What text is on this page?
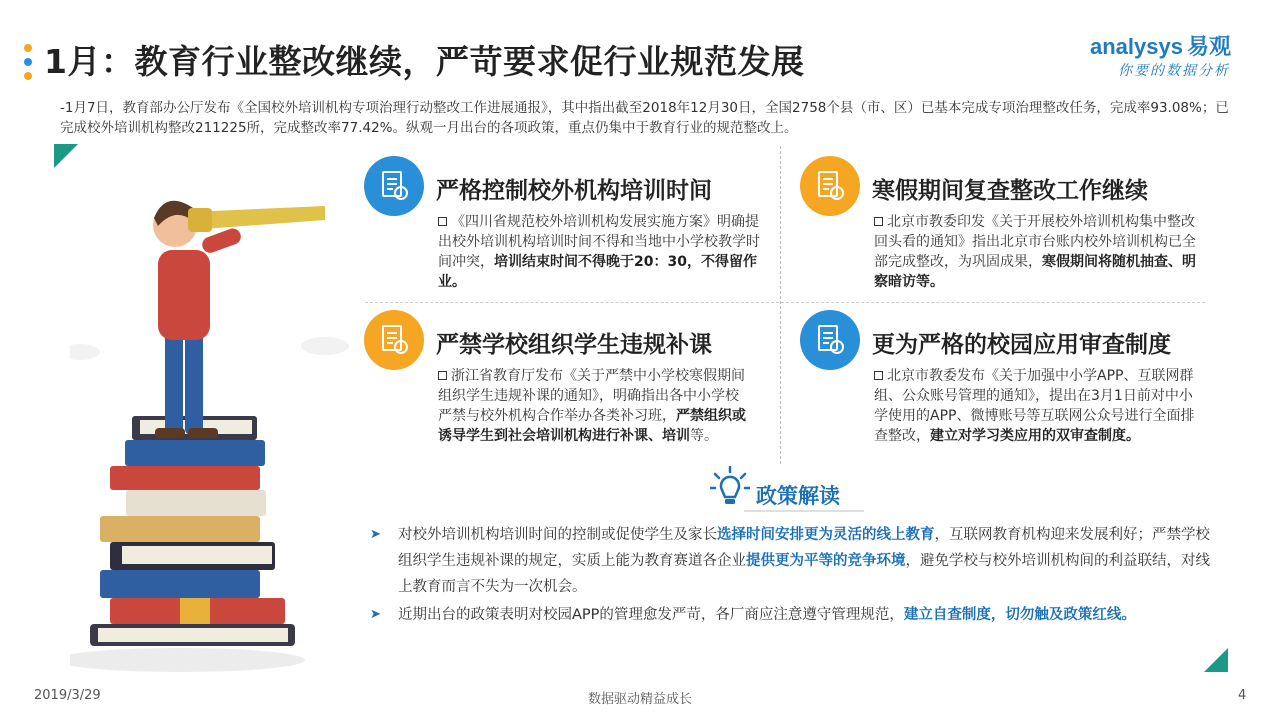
1月：教育行业整改继续，严苛要求促行业规范发展	analysys 易观
你要的数据分析
-1月7日，教育部办公厅发布《全国校外培训机构专项治理行动整改工作进展通报》，其中指出截至2018年12月30日，全国2758个县（市、区）已基本完成专项治理整改任务，完成率93.08%；已完成校外培训机构整改211225所，完成整改率77.42%。纵观一月出台的各项政策，重点仍集中于教育行业的规范整改上。
严格控制校外机构培训时间
《四川省规范校外培训机构发展实施方案》明确提出校外培训机构培训时间不得和当地中小学校教学时间冲突，培训结束时间不得晚于20：30，不得留作业。
寒假期间复查整改工作继续
北京市教委印发《关于开展校外培训机构集中整改回头看的通知》指出北京市台账内校外培训机构已全部完成整改，为巩固成果，寒假期间将随机抽查、明察暗访等。
严禁学校组织学生违规补课
浙江省教育厅发布《关于严禁中小学校寒假期间组织学生违规补课的通知》，明确指出各中小学校严禁与校外机构合作举办各类补习班，严禁组织或诱导学生到社会培训机构进行补课、培训等。
更为严格的校园应用审查制度
北京市教委发布《关于加强中小学APP、互联网群组、公众账号管理的通知》，提出在3月1日前对中小学使用的APP、微博账号等互联网公众号进行全面排查整改，建立对学习类应用的双审查制度。
政策解读
➤ 对校外培训机构培训时间的控制或促使学生及家长选择时间安排更为灵活的线上教育，互联网教育机构迎来发展利好；严禁学校组织学生违规补课的规定，实质上能为教育赛道各企业提供更为平等的竞争环境，避免学校与校外培训机构间的利益联结，对线上教育而言不失为一次机会。
➤ 近期出台的政策表明对校园APP的管理愈发严苛，各厂商应注意遵守管理规范，建立自查制度，切勿触及政策红线。
2019/3/29	数据驱动精益成长	4
